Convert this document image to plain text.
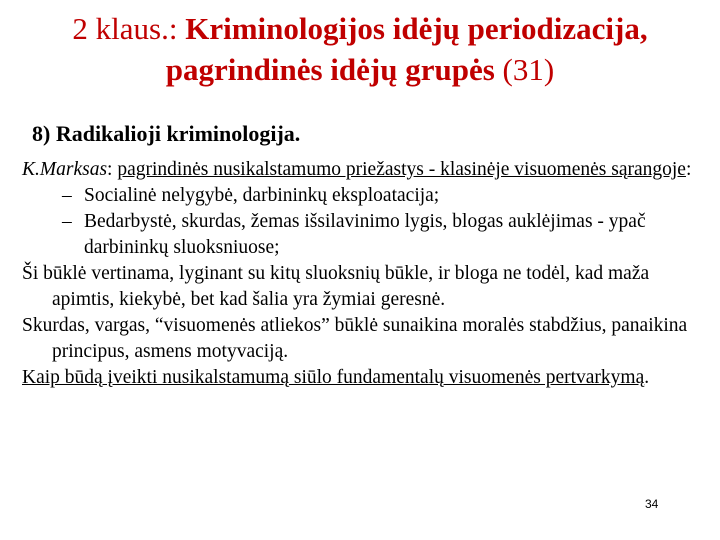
2 klaus.: Kriminologijos idėjų periodizacija,
pagrindinės idėjų grupės (31)
8) Radikalioji kriminologija.

K.Marksas: pagrindinės nusikalstamumo priežastys - klasinėje visuomenės sąrangoje:

– Socialinė nelygybė, darbininkų eksploatacija;

– Bedarbystė, skurdas, žemas išsilavinimo lygis, blogas auklėjimas - ypač darbininkų sluoksniuose;

Ši būklė vertinama, lyginant su kitų sluoksnių būkle, ir bloga ne todėl, kad maža apimtis, kiekybė, bet kad šalia yra žymiai geresnė.

Skurdas, vargas, “visuomenės atliekos” būklė sunaikina moralės stabdžius, panaikina principus, asmens motyvaciją.

Kaip būdą įveikti nusikalstamumą siūlo fundamentalų visuomenės pertvarkymą.

34
